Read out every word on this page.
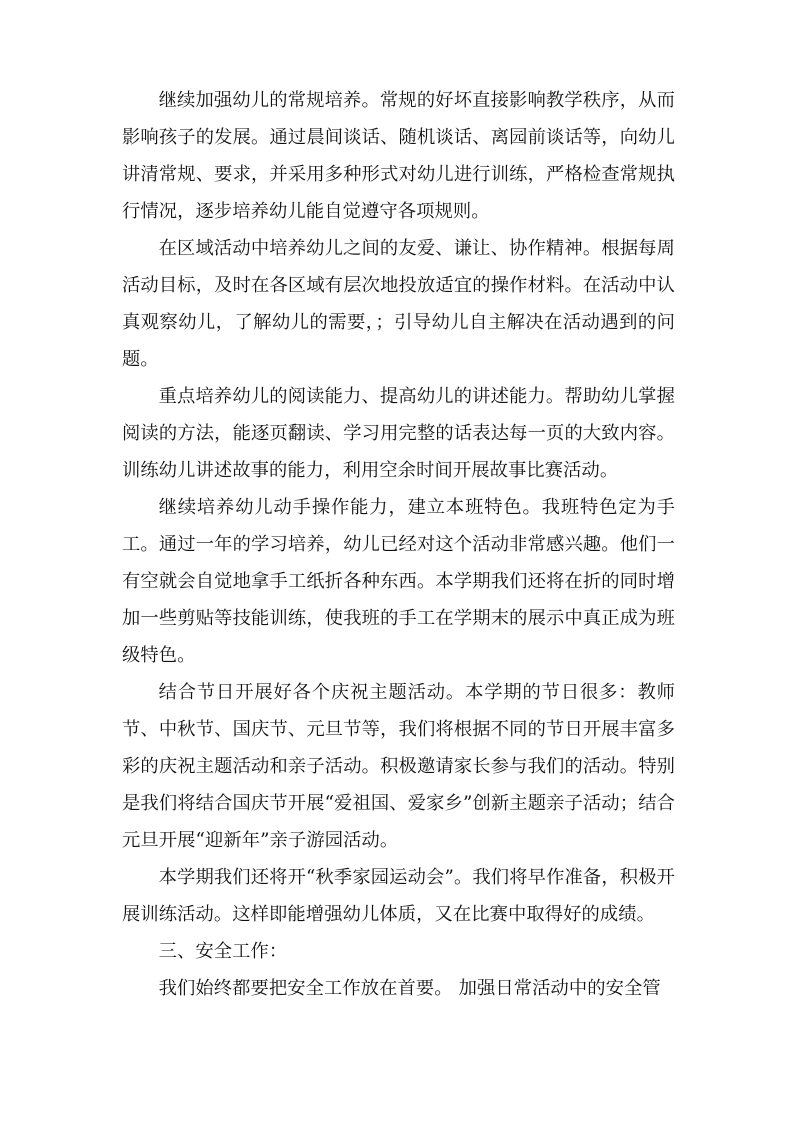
继续加强幼儿的常规培养。常规的好坏直接影响教学秩序，从而影响孩子的发展。通过晨间谈话、随机谈话、离园前谈话等，向幼儿讲清常规、要求，并采用多种形式对幼儿进行训练，严格检查常规执行情况，逐步培养幼儿能自觉遵守各项规则。

在区域活动中培养幼儿之间的友爱、谦让、协作精神。根据每周活动目标，及时在各区域有层次地投放适宜的操作材料。在活动中认真观察幼儿，了解幼儿的需要，；引导幼儿自主解决在活动遇到的问题。

重点培养幼儿的阅读能力、提高幼儿的讲述能力。帮助幼儿掌握阅读的方法，能逐页翻读、学习用完整的话表达每一页的大致内容。训练幼儿讲述故事的能力，利用空余时间开展故事比赛活动。

继续培养幼儿动手操作能力，建立本班特色。我班特色定为手工。通过一年的学习培养，幼儿已经对这个活动非常感兴趣。他们一有空就会自觉地拿手工纸折各种东西。本学期我们还将在折的同时增加一些剪贴等技能训练，使我班的手工在学期末的展示中真正成为班级特色。

结合节日开展好各个庆祝主题活动。本学期的节日很多：教师节、中秋节、国庆节、元旦节等，我们将根据不同的节日开展丰富多彩的庆祝主题活动和亲子活动。积极邀请家长参与我们的活动。特别是我们将结合国庆节开展“爱祖国、爱家乡”创新主题亲子活动；结合元旦开展“迎新年”亲子游园活动。

本学期我们还将开“秋季家园运动会”。我们将早作准备，积极开展训练活动。这样即能增强幼儿体质，又在比赛中取得好的成绩。

三、安全工作：

我们始终都要把安全工作放在首要。 加强日常活动中的安全管
